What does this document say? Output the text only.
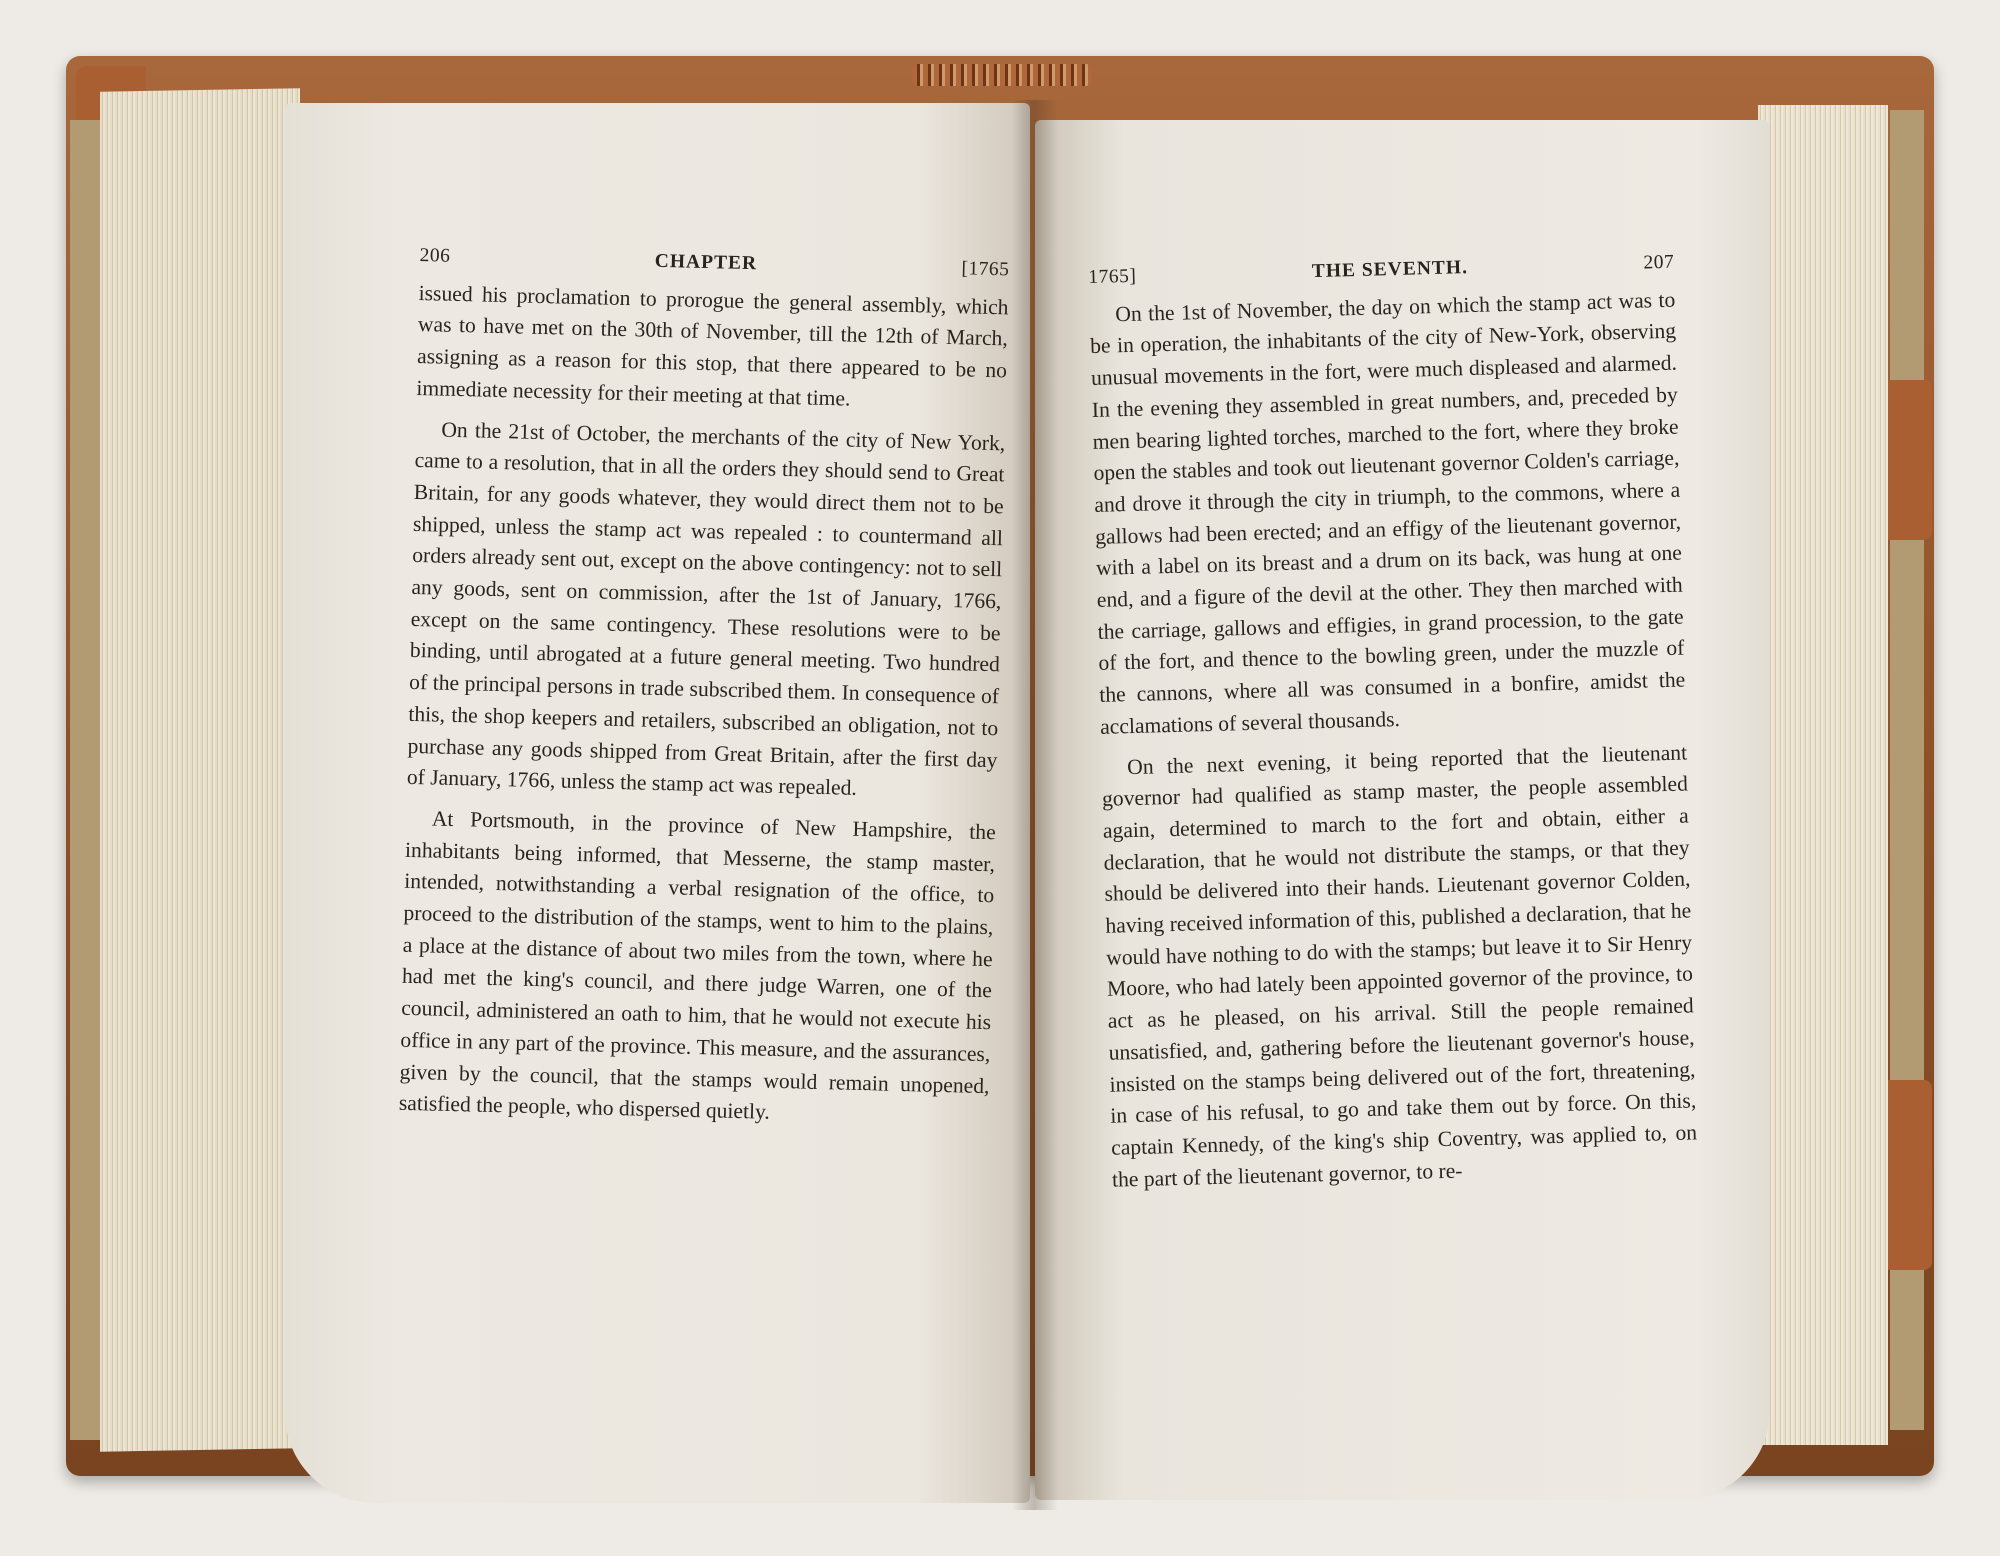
206	CHAPTER	[1765

issued his proclamation to prorogue the general assembly, which was to have met on the 30th of November, till the 12th of March, assigning as a reason for this stop, that there appeared to be no immediate necessity for their meeting at that time.

On the 21st of October, the merchants of the city of New York, came to a resolution, that in all the orders they should send to Great Britain, for any goods whatever, they would direct them not to be shipped, unless the stamp act was repealed : to countermand all orders already sent out, except on the above contingency: not to sell any goods, sent on commission, after the 1st of January, 1766, except on the same contingency. These resolutions were to be binding, until abrogated at a future general meeting. Two hundred of the principal persons in trade subscribed them. In consequence of this, the shop keepers and retailers, subscribed an obligation, not to purchase any goods shipped from Great Britain, after the first day of January, 1766, unless the stamp act was repealed.

At Portsmouth, in the province of New Hampshire, the inhabitants being informed, that Messerne, the stamp master, intended, notwithstanding a verbal resignation of the office, to proceed to the distribution of the stamps, went to him to the plains, a place at the distance of about two miles from the town, where he had met the king's council, and there judge Warren, one of the council, administered an oath to him, that he would not execute his office in any part of the province. This measure, and the assurances, given by the council, that the stamps would remain unopened, satisfied the people, who dispersed quietly.

1765]	THE SEVENTH.	207

On the 1st of November, the day on which the stamp act was to be in operation, the inhabitants of the city of New-York, observing unusual movements in the fort, were much displeased and alarmed. In the evening they assembled in great numbers, and, preceded by men bearing lighted torches, marched to the fort, where they broke open the stables and took out lieutenant governor Colden's carriage, and drove it through the city in triumph, to the commons, where a gallows had been erected; and an effigy of the lieutenant governor, with a label on its breast and a drum on its back, was hung at one end, and a figure of the devil at the other. They then marched with the carriage, gallows and effigies, in grand procession, to the gate of the fort, and thence to the bowling green, under the muzzle of the cannons, where all was consumed in a bonfire, amidst the acclamations of several thousands.

On the next evening, it being reported that the lieutenant governor had qualified as stamp master, the people assembled again, determined to march to the fort and obtain, either a declaration, that he would not distribute the stamps, or that they should be delivered into their hands. Lieutenant governor Colden, having received information of this, published a declaration, that he would have nothing to do with the stamps; but leave it to Sir Henry Moore, who had lately been appointed governor of the province, to act as he pleased, on his arrival. Still the people remained unsatisfied, and, gathering before the lieutenant governor's house, insisted on the stamps being delivered out of the fort, threatening, in case of his refusal, to go and take them out by force. On this, captain Kennedy, of the king's ship Coventry, was applied to, on the part of the lieutenant governor, to re-
